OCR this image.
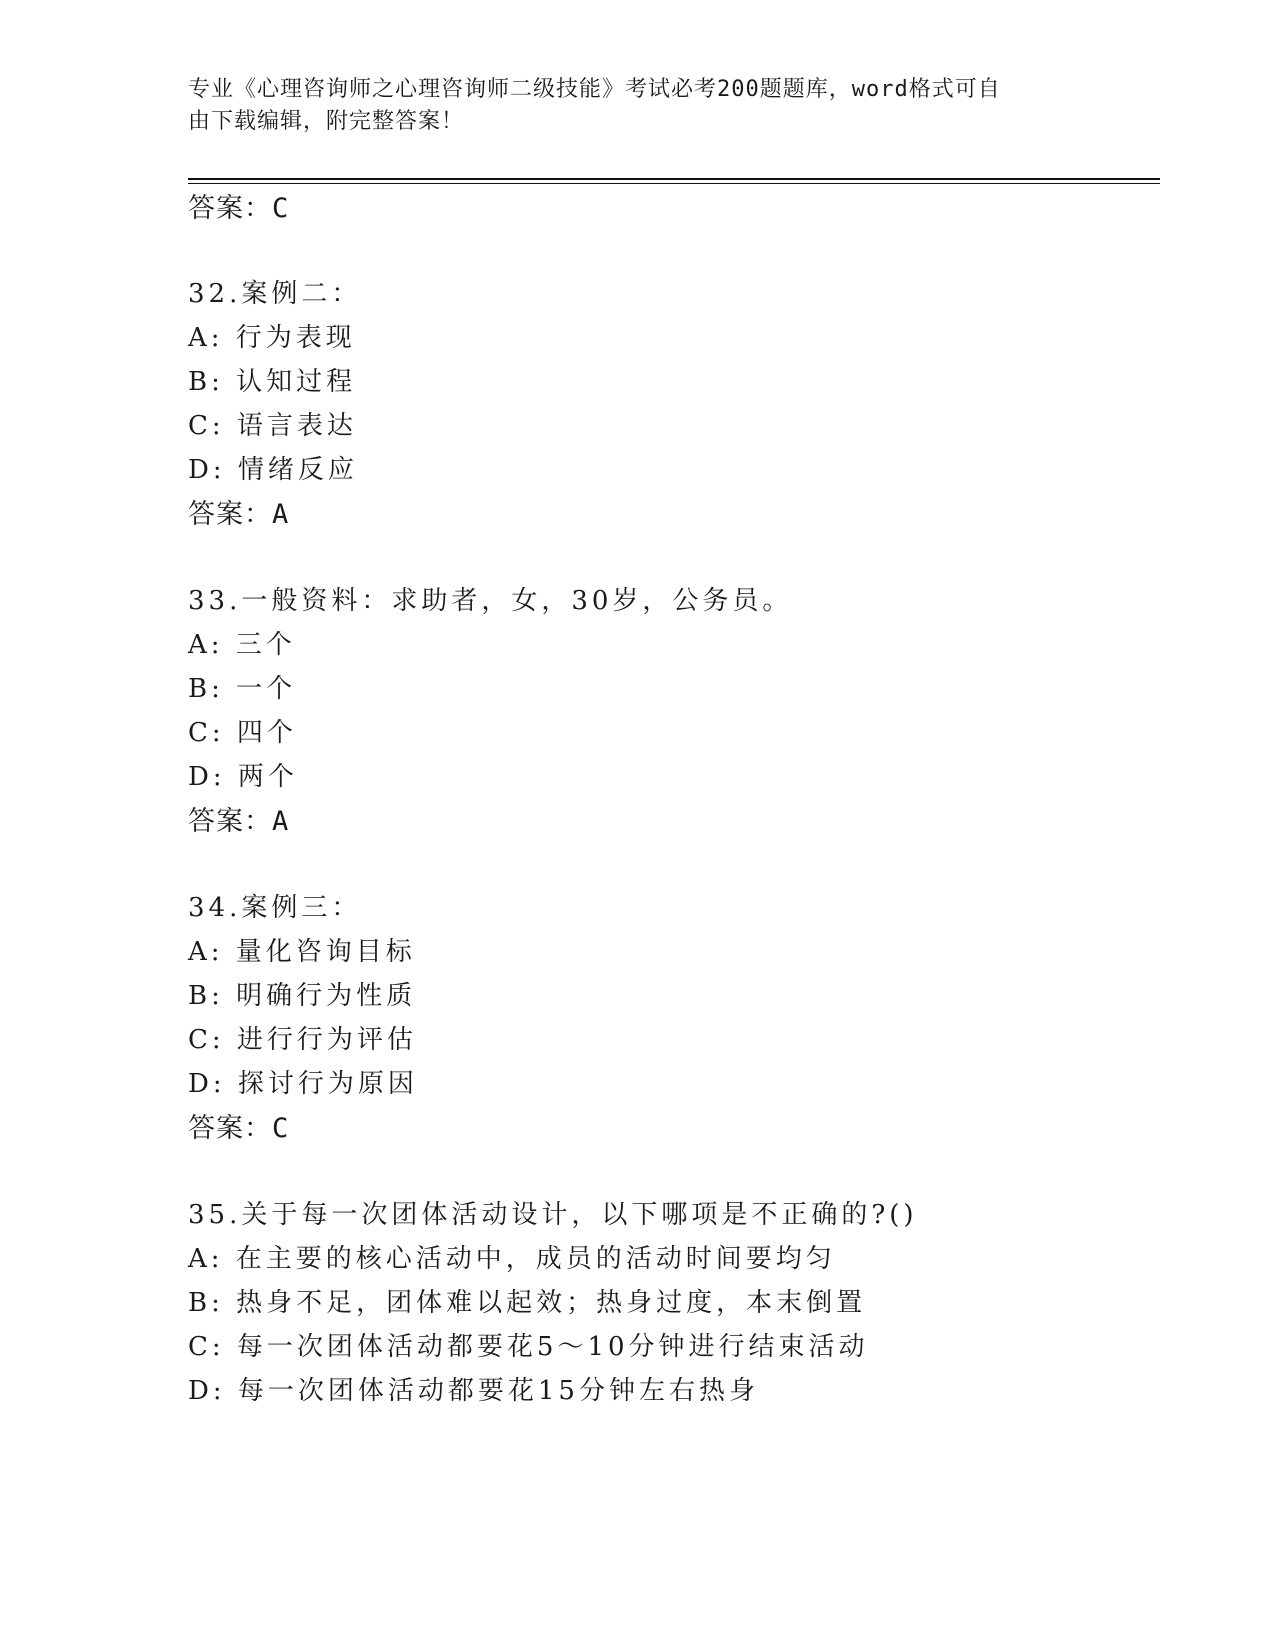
专业《心理咨询师之心理咨询师二级技能》考试必考200题题库，word格式可自
由下载编辑，附完整答案！
答案：C
32.案例二：
A: 行为表现
B: 认知过程
C: 语言表达
D: 情绪反应
答案：A
33.一般资料：求助者，女，30岁，公务员。
A: 三个
B: 一个
C: 四个
D: 两个
答案：A
34.案例三：
A: 量化咨询目标
B: 明确行为性质
C: 进行行为评估
D: 探讨行为原因
答案：C
35.关于每一次团体活动设计，以下哪项是不正确的?()
A: 在主要的核心活动中，成员的活动时间要均匀
B: 热身不足，团体难以起效；热身过度，本末倒置
C: 每一次团体活动都要花5～10分钟进行结束活动
D: 每一次团体活动都要花15分钟左右热身
